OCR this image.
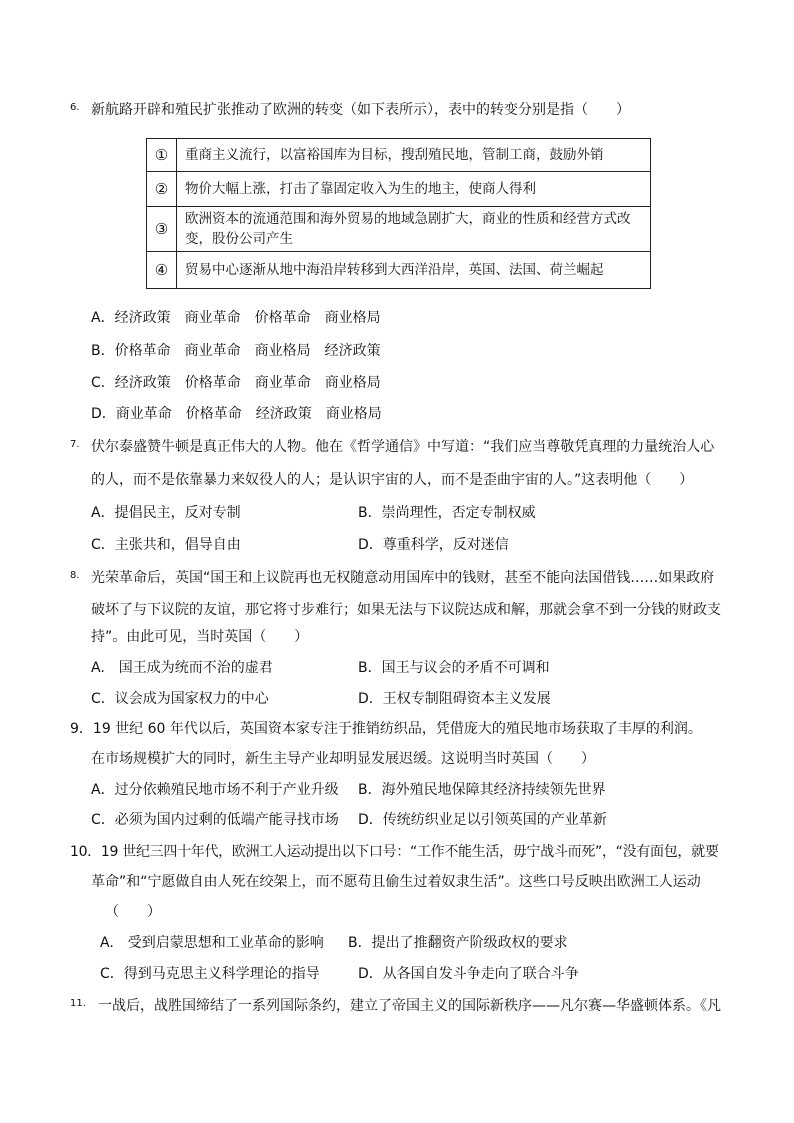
6. 新航路开辟和殖民扩张推动了欧洲的转变（如下表所示），表中的转变分别是指（　　）
①	重商主义流行，以富裕国库为目标，搜刮殖民地，管制工商，鼓励外销
②	物价大幅上涨，打击了靠固定收入为生的地主，使商人得利
③	欧洲资本的流通范围和海外贸易的地域急剧扩大，商业的性质和经营方式改变，股份公司产生
④	贸易中心逐渐从地中海沿岸转移到大西洋沿岸，英国、法国、荷兰崛起
A．经济政策　商业革命　价格革命　商业格局
B．价格革命　商业革命　商业格局　经济政策
C．经济政策　价格革命　商业革命　商业格局
D．商业革命　价格革命　经济政策　商业格局
7. 伏尔泰盛赞牛顿是真正伟大的人物。他在《哲学通信》中写道：“我们应当尊敬凭真理的力量统治人心
的人，而不是依靠暴力来奴役人的人；是认识宇宙的人，而不是歪曲宇宙的人。”这表明他（　　）
A．提倡民主，反对专制	B．崇尚理性，否定专制权威
C．主张共和，倡导自由	D．尊重科学，反对迷信
8. 光荣革命后，英国“国王和上议院再也无权随意动用国库中的钱财，甚至不能向法国借钱……如果政府
破坏了与下议院的友谊，那它将寸步难行；如果无法与下议院达成和解，那就会拿不到一分钱的财政支
持”。由此可见，当时英国（　　）
A.　国王成为统而不治的虚君	B．国王与议会的矛盾不可调和
C．议会成为国家权力的中心	D．王权专制阻碍资本主义发展
9．19 世纪 60 年代以后，英国资本家专注于推销纺织品，凭借庞大的殖民地市场获取了丰厚的利润。
在市场规模扩大的同时，新生主导产业却明显发展迟缓。这说明当时英国（　　）
A．过分依赖殖民地市场不利于产业升级 B．海外殖民地保障其经济持续领先世界
C．必须为国内过剩的低端产能寻找市场 D．传统纺织业足以引领英国的产业革新
10．19 世纪三四十年代，欧洲工人运动提出以下口号：“工作不能生活，毋宁战斗而死”，“没有面包，就要
革命”和“宁愿做自由人死在绞架上，而不愿苟且偷生过着奴隶生活”。这些口号反映出欧洲工人运动
（　　）
A.　受到启蒙思想和工业革命的影响 B．提出了推翻资产阶级政权的要求
C．得到马克思主义科学理论的指导	D．从各国自发斗争走向了联合斗争
11. 一战后，战胜国缔结了一系列国际条约，建立了帝国主义的国际新秩序——凡尔赛—华盛顿体系。《凡
